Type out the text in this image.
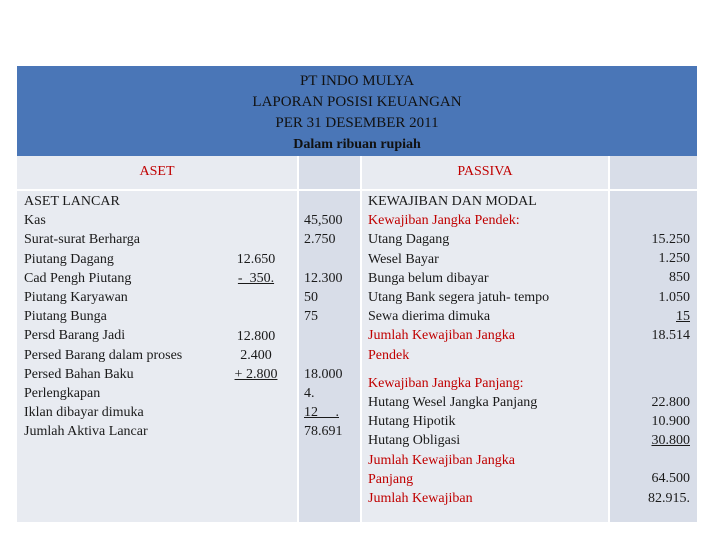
PT INDO MULYA
LAPORAN POSISI KEUANGAN
PER 31 DESEMBER 2011
Dalam ribuan rupiah
ASET	PASSIVA
ASET LANCAR
Kas
Surat-surat Berharga
Piutang Dagang
Cad Pengh Piutang
Piutang Karyawan
Piutang Bunga
Persd Barang Jadi
Persed Barang dalam proses
Persed Bahan Baku
Perlengkapan
Iklan dibayar dimuka
Jumlah Aktiva Lancar
12.650
-  350.
12.800
2.400
+ 2.800
45,500
2.750
12.300
50
75
18.000
4.
12     .
78.691
KEWAJIBAN DAN MODAL
Kewajiban Jangka Pendek:
Utang Dagang
Wesel Bayar
Bunga belum dibayar
Utang Bank segera jatuh- tempo
Sewa dierima dimuka
Jumlah Kewajiban Jangka
Pendek
Kewajiban Jangka Panjang:
Hutang Wesel Jangka Panjang
Hutang Hipotik
Hutang Obligasi
Jumlah Kewajiban Jangka
Panjang
Jumlah Kewajiban
15.250
1.250
850
1.050
15
18.514
22.800
10.900
30.800
64.500
82.915.
